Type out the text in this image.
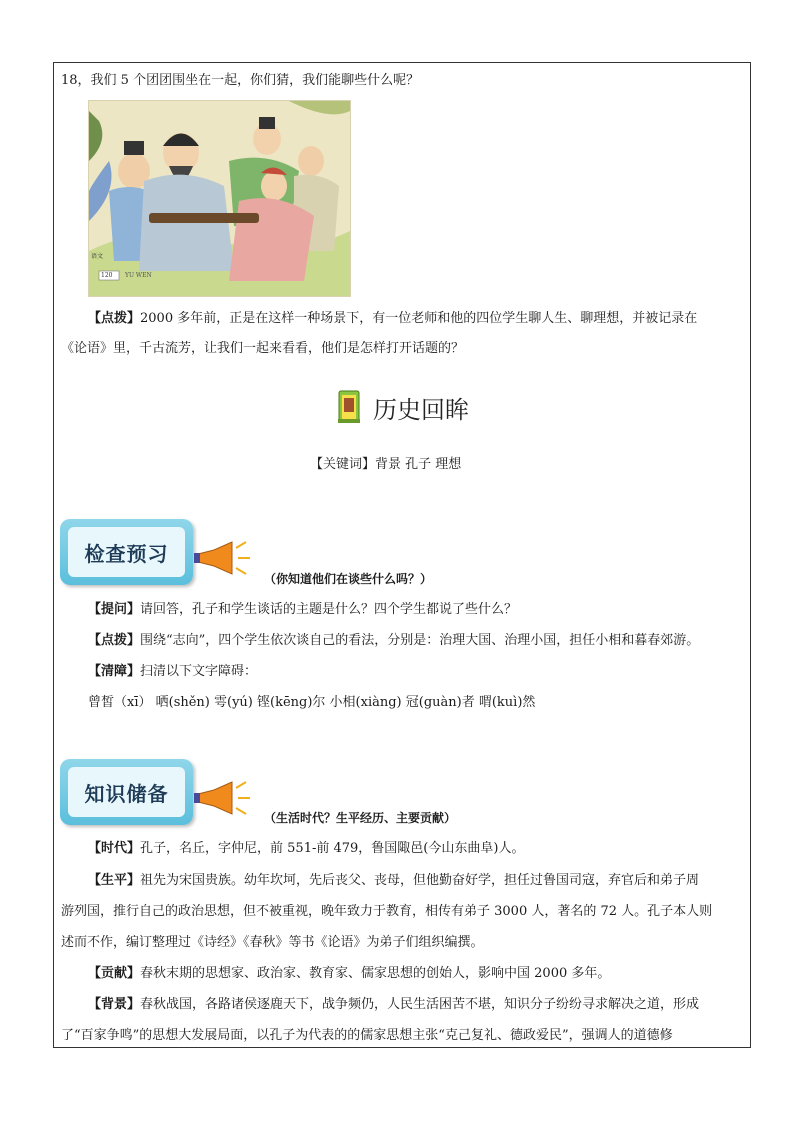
18，我们 5 个团团围坐在一起，你们猜，我们能聊些什么呢？
120 YU WEN
语文
【点拨】2000 多年前，正是在这样一种场景下，有一位老师和他的四位学生聊人生、聊理想，并被记录在
《论语》里，千古流芳，让我们一起来看看，他们是怎样打开话题的？
历史回眸
【关键词】背景 孔子 理想
检查预习
（你知道他们在谈些什么吗？）
【提问】请回答，孔子和学生谈话的主题是什么？四个学生都说了些什么？
【点拨】围绕“志向”，四个学生依次谈自己的看法，分别是：治理大国、治理小国，担任小相和暮春郊游。
【清障】扫清以下文字障碍：
曾皙（xī） 哂(shěn) 雩(yú) 铿(kēng)尔 小相(xiàng) 冠(guàn)者 喟(kuì)然
知识储备
（生活时代？生平经历、主要贡献）
【时代】孔子，名丘，字仲尼，前 551-前 479，鲁国陬邑(今山东曲阜)人。
【生平】祖先为宋国贵族。幼年坎坷，先后丧父、丧母，但他勤奋好学，担任过鲁国司寇，弃官后和弟子周
游列国，推行自己的政治思想，但不被重视，晚年致力于教育，相传有弟子 3000 人，著名的 72 人。孔子本人则
述而不作，编订整理过《诗经》《春秋》等书《论语》为弟子们组织编撰。
【贡献】春秋末期的思想家、政治家、教育家、儒家思想的创始人，影响中国 2000 多年。
【背景】春秋战国，各路诸侯逐鹿天下，战争频仍，人民生活困苦不堪，知识分子纷纷寻求解决之道，形成
了“百家争鸣”的思想大发展局面，以孔子为代表的的儒家思想主张“克己复礼、德政爱民”，强调人的道德修
